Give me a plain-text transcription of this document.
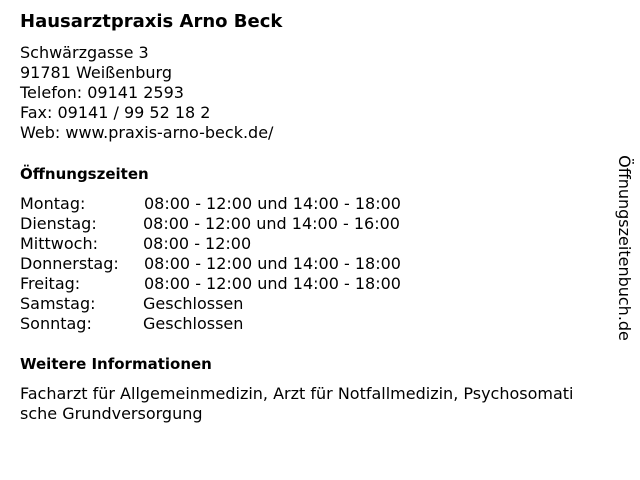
Hausarztpraxis Arno Beck
Schwärzgasse 3
91781 Weißenburg
Telefon: 09141 2593
Fax: 09141 / 99 52 18 2
Web: www.praxis-arno-beck.de/
Öffnungszeiten
Montag:	08:00 - 12:00 und 14:00 - 18:00
Dienstag:	08:00 - 12:00 und 14:00 - 16:00
Mittwoch:	08:00 - 12:00
Donnerstag: 08:00 - 12:00 und 14:00 - 18:00
Freitag:	08:00 - 12:00 und 14:00 - 18:00
Samstag:	Geschlossen
Sonntag:	Geschlossen
Weitere Informationen
Facharzt für Allgemeinmedizin, Arzt für Notfallmedizin, Psychosomati
sche Grundversorgung
Öffnungszeitenbuch.de
